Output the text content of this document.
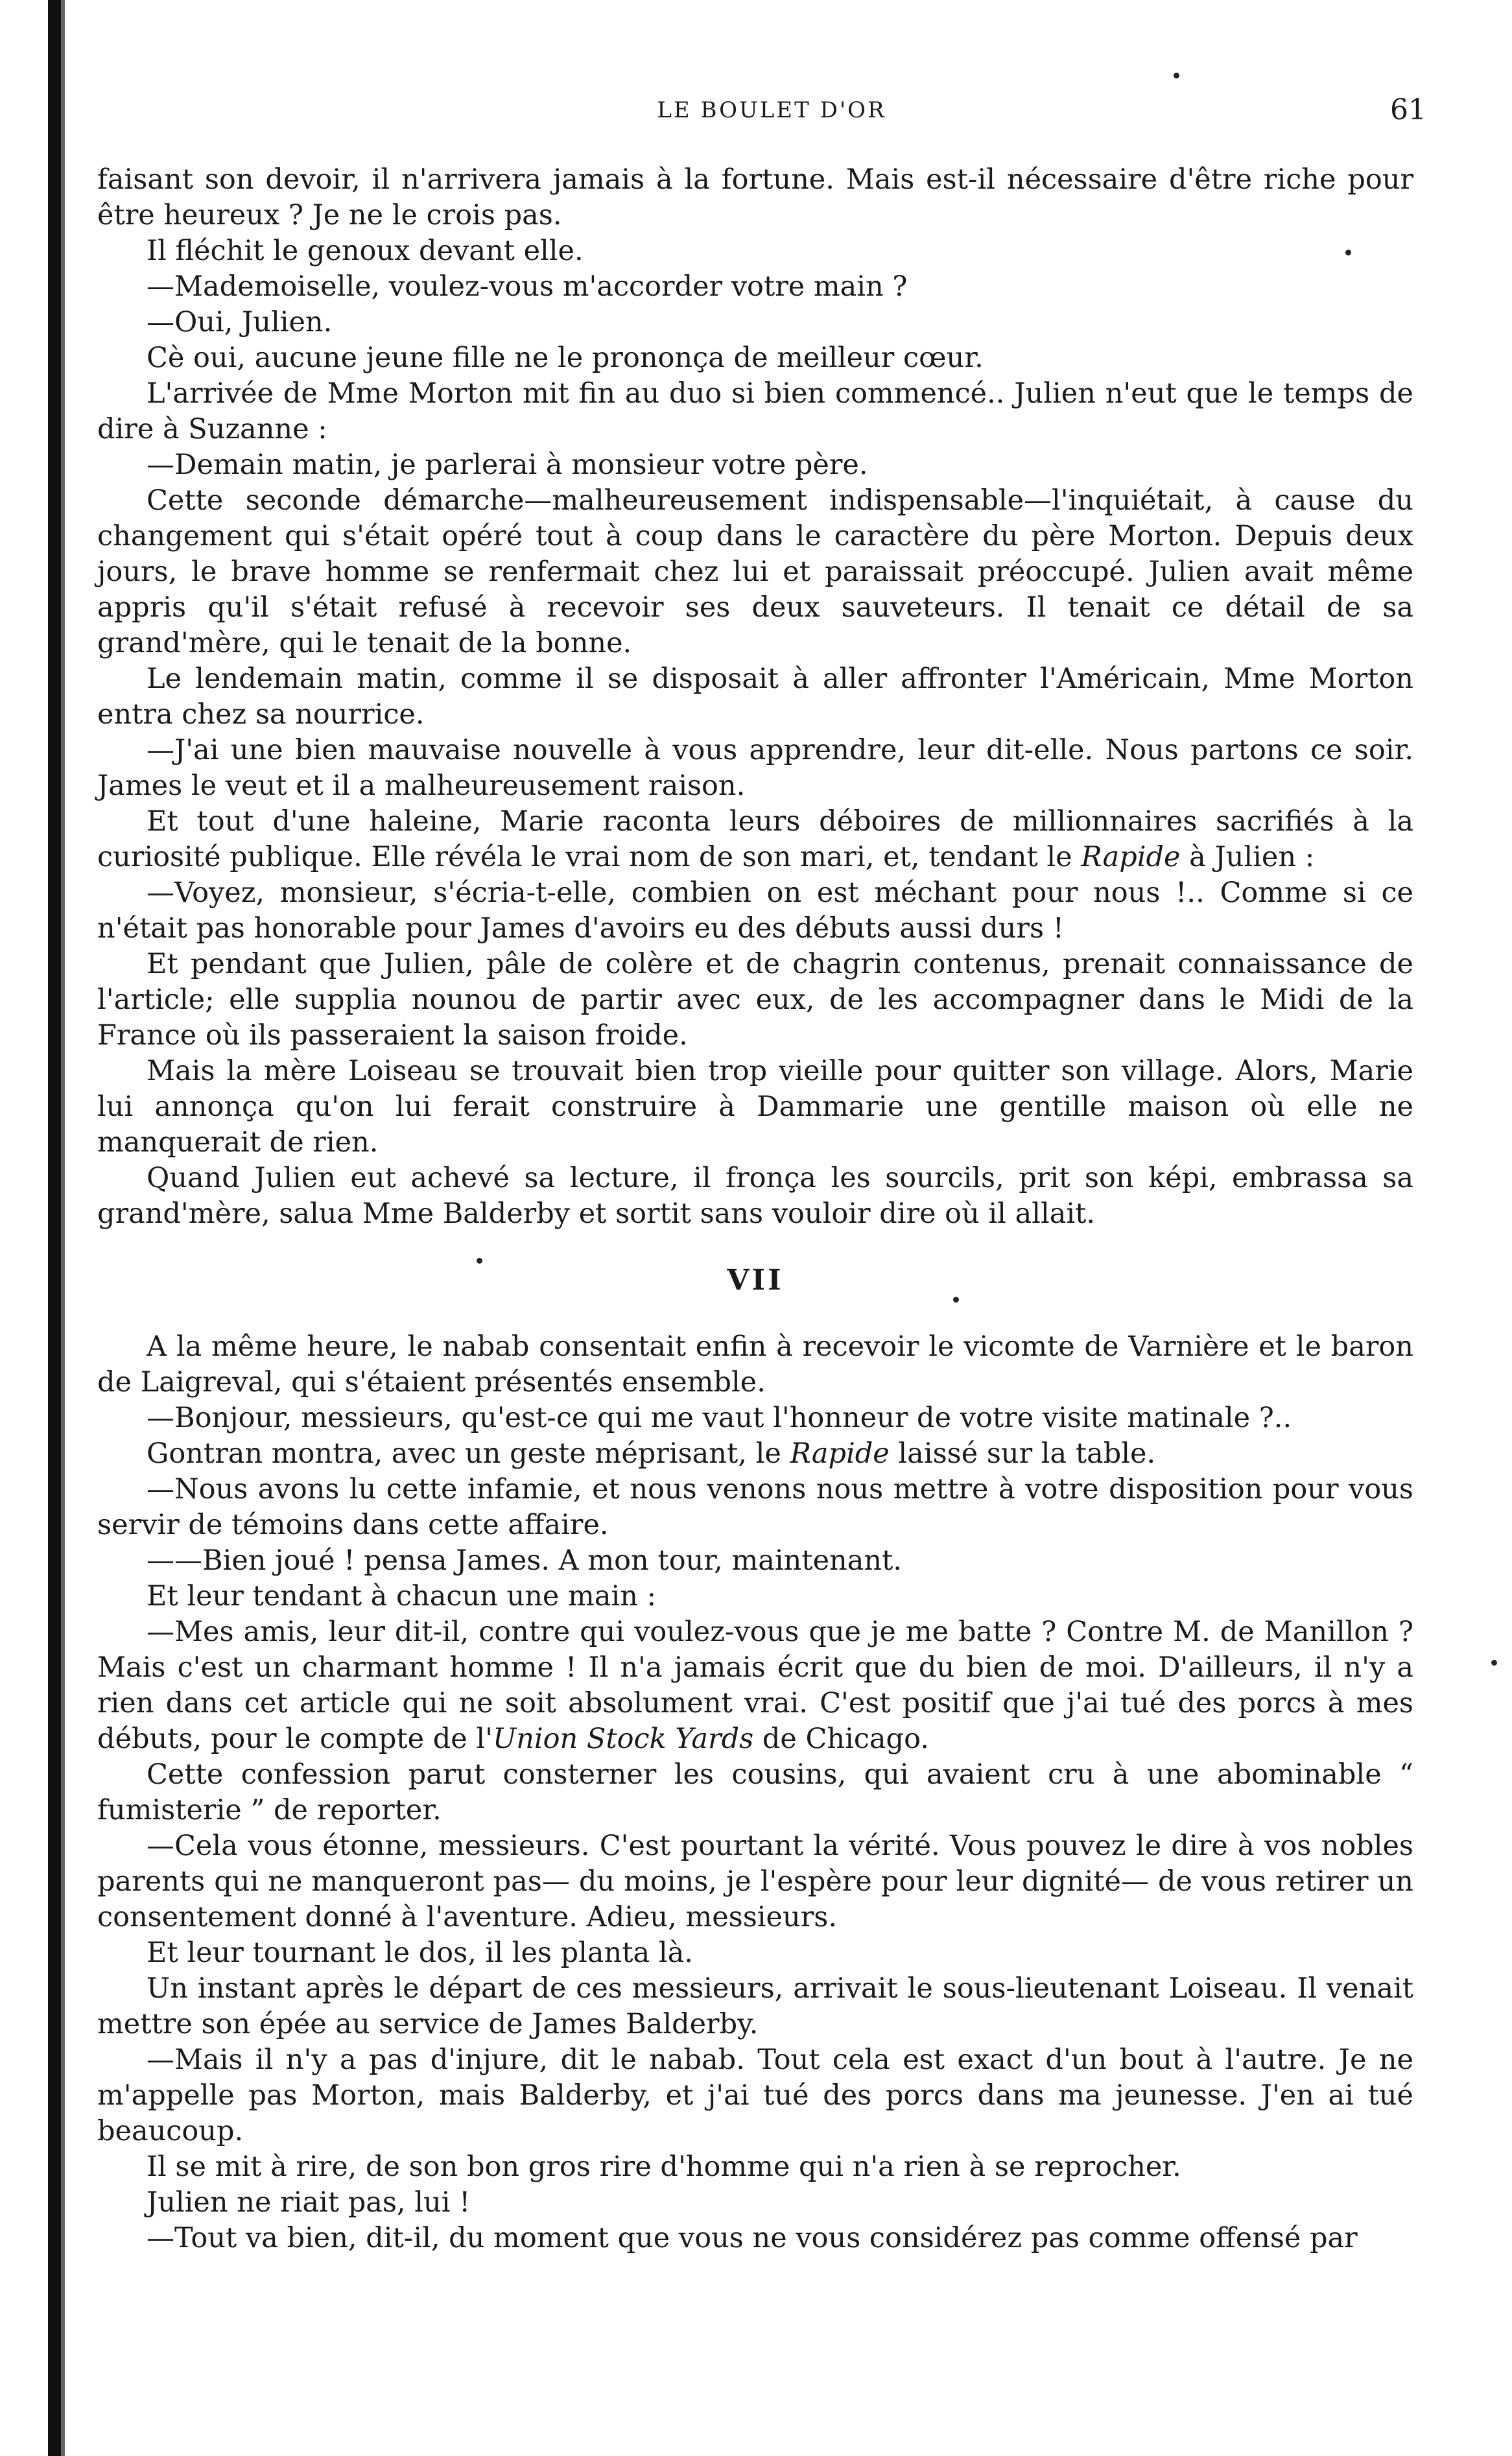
LE BOULET D'OR	61

faisant son devoir, il n'arrivera jamais à la fortune. Mais est-il nécessaire d'être riche pour être heureux ? Je ne le crois pas.

Il fléchit le genoux devant elle.

—Mademoiselle, voulez-vous m'accorder votre main ?

—Oui, Julien.

Cè oui, aucune jeune fille ne le prononça de meilleur cœur.

L'arrivée de Mme Morton mit fin au duo si bien commencé.. Julien n'eut que le temps de dire à Suzanne :

—Demain matin, je parlerai à monsieur votre père.

Cette seconde démarche—malheureusement indispensable—l'inquiétait, à cause du changement qui s'était opéré tout à coup dans le caractère du père Morton. Depuis deux jours, le brave homme se renfermait chez lui et paraissait préoccupé. Julien avait même appris qu'il s'était refusé à recevoir ses deux sauveteurs. Il tenait ce détail de sa grand'mère, qui le tenait de la bonne.

Le lendemain matin, comme il se disposait à aller affronter l'Américain, Mme Morton entra chez sa nourrice.

—J'ai une bien mauvaise nouvelle à vous apprendre, leur dit-elle. Nous partons ce soir. James le veut et il a malheureusement raison.

Et tout d'une haleine, Marie raconta leurs déboires de millionnaires sacrifiés à la curiosité publique. Elle révéla le vrai nom de son mari, et, tendant le Rapide à Julien :

—Voyez, monsieur, s'écria-t-elle, combien on est méchant pour nous !.. Comme si ce n'était pas honorable pour James d'avoirs eu des débuts aussi durs !

Et pendant que Julien, pâle de colère et de chagrin contenus, prenait connaissance de l'article; elle supplia nounou de partir avec eux, de les accompagner dans le Midi de la France où ils passeraient la saison froide.

Mais la mère Loiseau se trouvait bien trop vieille pour quitter son village. Alors, Marie lui annonça qu'on lui ferait construire à Dammarie une gentille maison où elle ne manquerait de rien.

Quand Julien eut achevé sa lecture, il fronça les sourcils, prit son képi, embrassa sa grand'mère, salua Mme Balderby et sortit sans vouloir dire où il allait.

VII

A la même heure, le nabab consentait enfin à recevoir le vicomte de Varnière et le baron de Laigreval, qui s'étaient présentés ensemble.

—Bonjour, messieurs, qu'est-ce qui me vaut l'honneur de votre visite matinale ?..

Gontran montra, avec un geste méprisant, le Rapide laissé sur la table.

—Nous avons lu cette infamie, et nous venons nous mettre à votre disposition pour vous servir de témoins dans cette affaire.

——Bien joué ! pensa James. A mon tour, maintenant.

Et leur tendant à chacun une main :

—Mes amis, leur dit-il, contre qui voulez-vous que je me batte ? Contre M. de Manillon ? Mais c'est un charmant homme ! Il n'a jamais écrit que du bien de moi. D'ailleurs, il n'y a rien dans cet article qui ne soit absolument vrai. C'est positif que j'ai tué des porcs à mes débuts, pour le compte de l'Union Stock Yards de Chicago.

Cette confession parut consterner les cousins, qui avaient cru à une abominable “ fumisterie ” de reporter.

—Cela vous étonne, messieurs. C'est pourtant la vérité. Vous pouvez le dire à vos nobles parents qui ne manqueront pas— du moins, je l'espère pour leur dignité— de vous retirer un consentement donné à l'aventure. Adieu, messieurs.

Et leur tournant le dos, il les planta là.

Un instant après le départ de ces messieurs, arrivait le sous-lieutenant Loiseau. Il venait mettre son épée au service de James Balderby.

—Mais il n'y a pas d'injure, dit le nabab. Tout cela est exact d'un bout à l'autre. Je ne m'appelle pas Morton, mais Balderby, et j'ai tué des porcs dans ma jeunesse. J'en ai tué beaucoup.

Il se mit à rire, de son bon gros rire d'homme qui n'a rien à se reprocher.

Julien ne riait pas, lui !

—Tout va bien, dit-il, du moment que vous ne vous considérez pas comme offensé par
